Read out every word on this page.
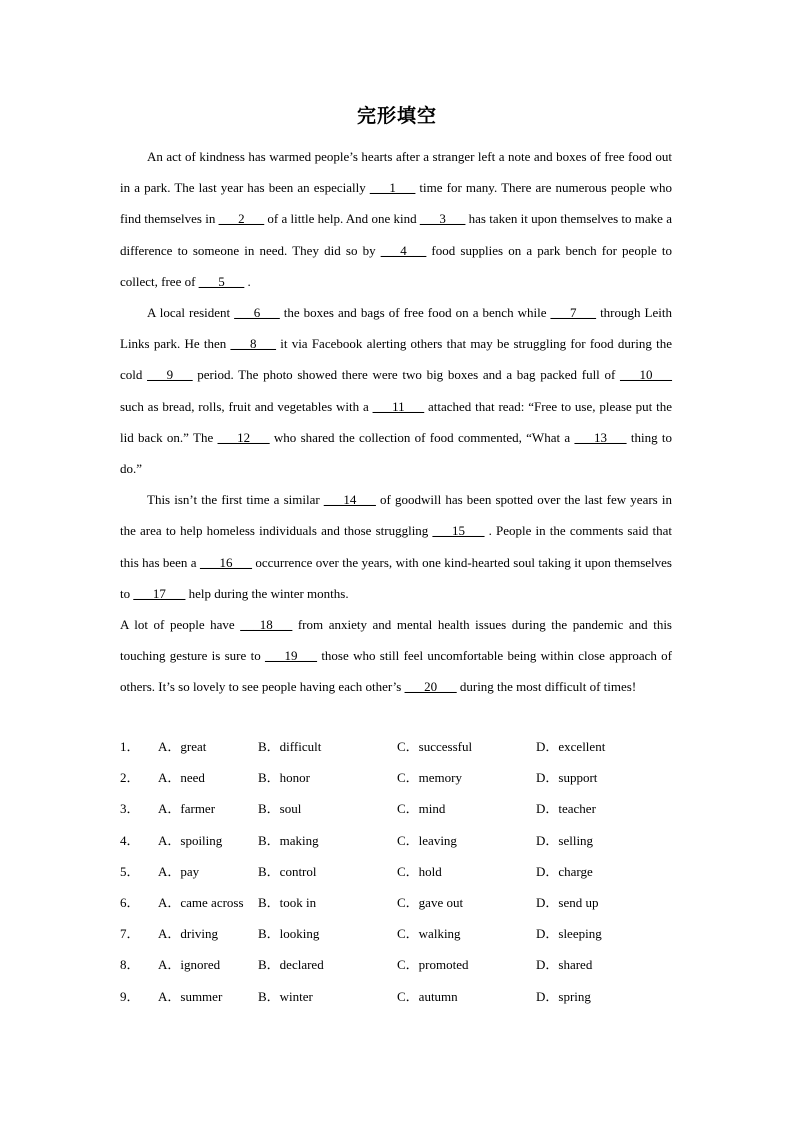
完形填空

An act of kindness has warmed people’s hearts after a stranger left a note and boxes of free food out in a park. The last year has been an especially ___1___ time for many. There are numerous people who find themselves in ___2___ of a little help. And one kind ___3___ has taken it upon themselves to make a difference to someone in need. They did so by ___4___ food supplies on a park bench for people to collect, free of ___5___ .

A local resident ___6___ the boxes and bags of free food on a bench while ___7___ through Leith Links park. He then ___8___ it via Facebook alerting others that may be struggling for food during the cold ___9___ period. The photo showed there were two big boxes and a bag packed full of ___10___ such as bread, rolls, fruit and vegetables with a ___11___ attached that read: “Free to use, please put the lid back on.” The ___12___ who shared the collection of food commented, “What a ___13___ thing to do.”

This isn’t the first time a similar ___14___ of goodwill has been spotted over the last few years in the area to help homeless individuals and those struggling ___15___ . People in the comments said that this has been a ___16___ occurrence over the years, with one kind-hearted soul taking it upon themselves to ___17___ help during the winter months.

A lot of people have ___18___ from anxiety and mental health issues during the pandemic and this touching gesture is sure to ___19___ those who still feel uncomfortable being within close approach of others. It’s so lovely to see people having each other’s ___20___ during the most difficult of times!

1． A．great	B．difficult	C．successful	D．excellent
2． A．need	B．honor	C．memory	D．support
3． A．farmer	B．soul	C．mind	D．teacher
4． A．spoiling	B．making	C．leaving	D．selling
5． A．pay	B．control	C．hold	D．charge
6． A．came across B．took in	C．gave out	D．send up
7． A．driving	B．looking	C．walking	D．sleeping
8． A．ignored	B．declared	C．promoted	D．shared
9． A．summer	B．winter	C．autumn	D．spring
